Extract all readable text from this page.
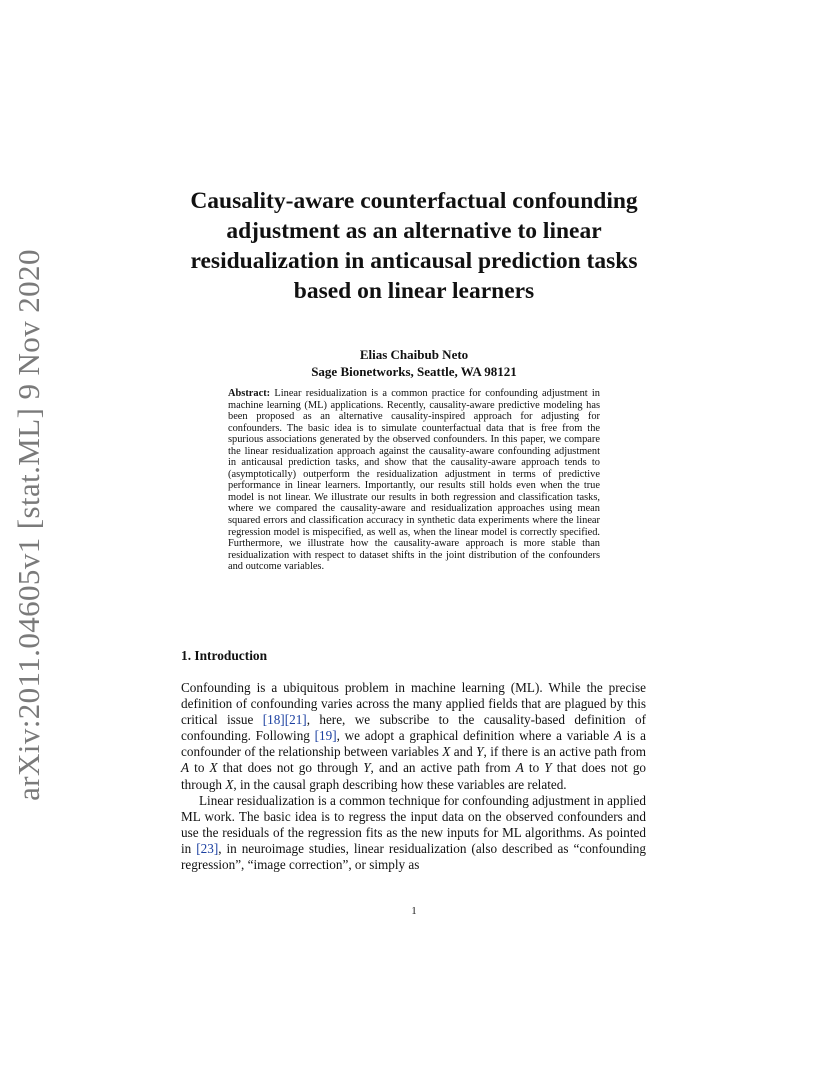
arXiv:2011.04605v1 [stat.ML] 9 Nov 2020
Causality-aware counterfactual confounding adjustment as an alternative to linear residualization in anticausal prediction tasks based on linear learners
Elias Chaibub Neto
Sage Bionetworks, Seattle, WA 98121

Abstract: Linear residualization is a common practice for confounding adjustment in machine learning (ML) applications. Recently, causality-aware predictive modeling has been proposed as an alternative causality-inspired approach for adjusting for confounders. The basic idea is to simulate counterfactual data that is free from the spurious associations generated by the observed confounders. In this paper, we compare the linear residualization approach against the causality-aware confounding adjustment in anticausal prediction tasks, and show that the causality-aware approach tends to (asymptotically) outperform the residualization adjustment in terms of predictive performance in linear learners. Importantly, our results still holds even when the true model is not linear. We illustrate our results in both regression and classification tasks, where we compared the causality-aware and residualization approaches using mean squared errors and classification accuracy in synthetic data experiments where the linear regression model is mispecified, as well as, when the linear model is correctly specified. Furthermore, we illustrate how the causality-aware approach is more stable than residualization with respect to dataset shifts in the joint distribution of the confounders and outcome variables.

1. Introduction

Confounding is a ubiquitous problem in machine learning (ML). While the precise definition of confounding varies across the many applied fields that are plagued by this critical issue [18][21], here, we subscribe to the causality-based definition of confounding. Following [19], we adopt a graphical definition where a variable A is a confounder of the relationship between variables X and Y, if there is an active path from A to X that does not go through Y, and an active path from A to Y that does not go through X, in the causal graph describing how these variables are related.

Linear residualization is a common technique for confounding adjustment in applied ML work. The basic idea is to regress the input data on the observed confounders and use the residuals of the regression fits as the new inputs for ML algorithms. As pointed in [23], in neuroimage studies, linear residualization (also described as “confounding regression”, “image correction”, or simply as

1
